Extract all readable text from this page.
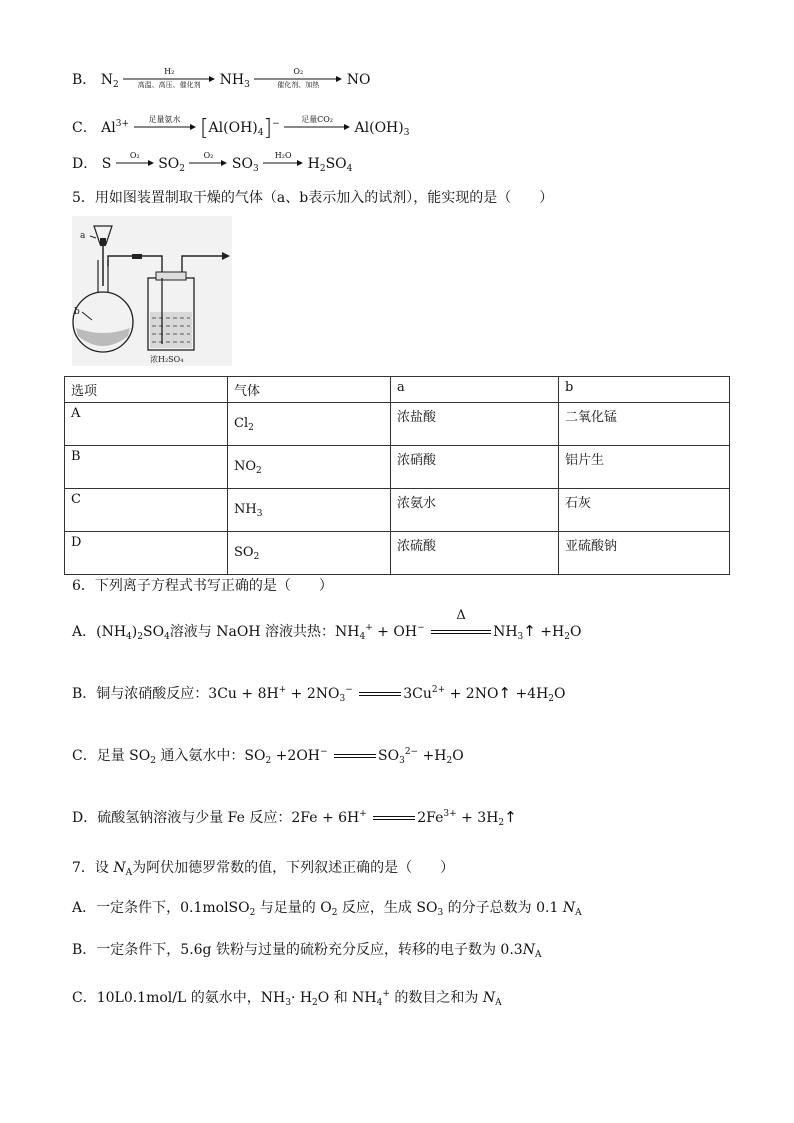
B． $N_2$
H₂
高温、高压、催化剂	$NH_3$
O₂
催化剂、加热	NO
C． $Al^{3+}$	足量氨水 $[Al(OH)_4]^-$	足量CO₂
$Al(OH)_3$
D． S
O₂
$SO_2$
O₂
$SO_3$
H₂O
$H_2SO_4$
5．用如图装置制取干燥的气体（a、b表示加入的试剂），能实现的是（　　）
a
b
浓H₂SO₄
选项	气体	a	b
A	$Cl_2$	浓盐酸	二氧化锰
B	$NO_2$	浓硝酸	铝片生
C	$NH_3$	浓氨水	石灰
D	$SO_2$	浓硫酸	亚硫酸钠
6．下列离子方程式书写正确的是（　　）
A．$(NH_4)_2SO_4$溶液与 NaOH 溶液共热：$NH_4^+ + OH^-$
Δ
$NH_3↑ +H_2O$
B．铜与浓硝酸反应：$3Cu + 8H^+ + 2NO_3^-$	$3Cu^{2+}$ + 2NO↑ $+4H_2O$
C．足量 $SO_2$ 通入氨水中：$SO_2 +2OH^-$	$SO_3^{2-} +H_2O$
D．硫酸氢钠溶液与少量 Fe 反应：2Fe + 6H+	$2Fe^{3+}$ + $3H_2↑$
7．设 $N_A$为阿伏加德罗常数的值，下列叙述正确的是（　　）
A．一定条件下，0.1molSO$_2$ 与足量的 $O_2$ 反应，生成 $SO_3$ 的分子总数为 0.1 $N_A$
B．一定条件下，5.6g 铁粉与过量的硫粉充分反应，转移的电子数为 $0.3N_A$
C．10L0.1mol/L 的氨水中，$NH_3\cdot H_2O$ 和 $NH_4^+$ 的数目之和为 $N_A$
